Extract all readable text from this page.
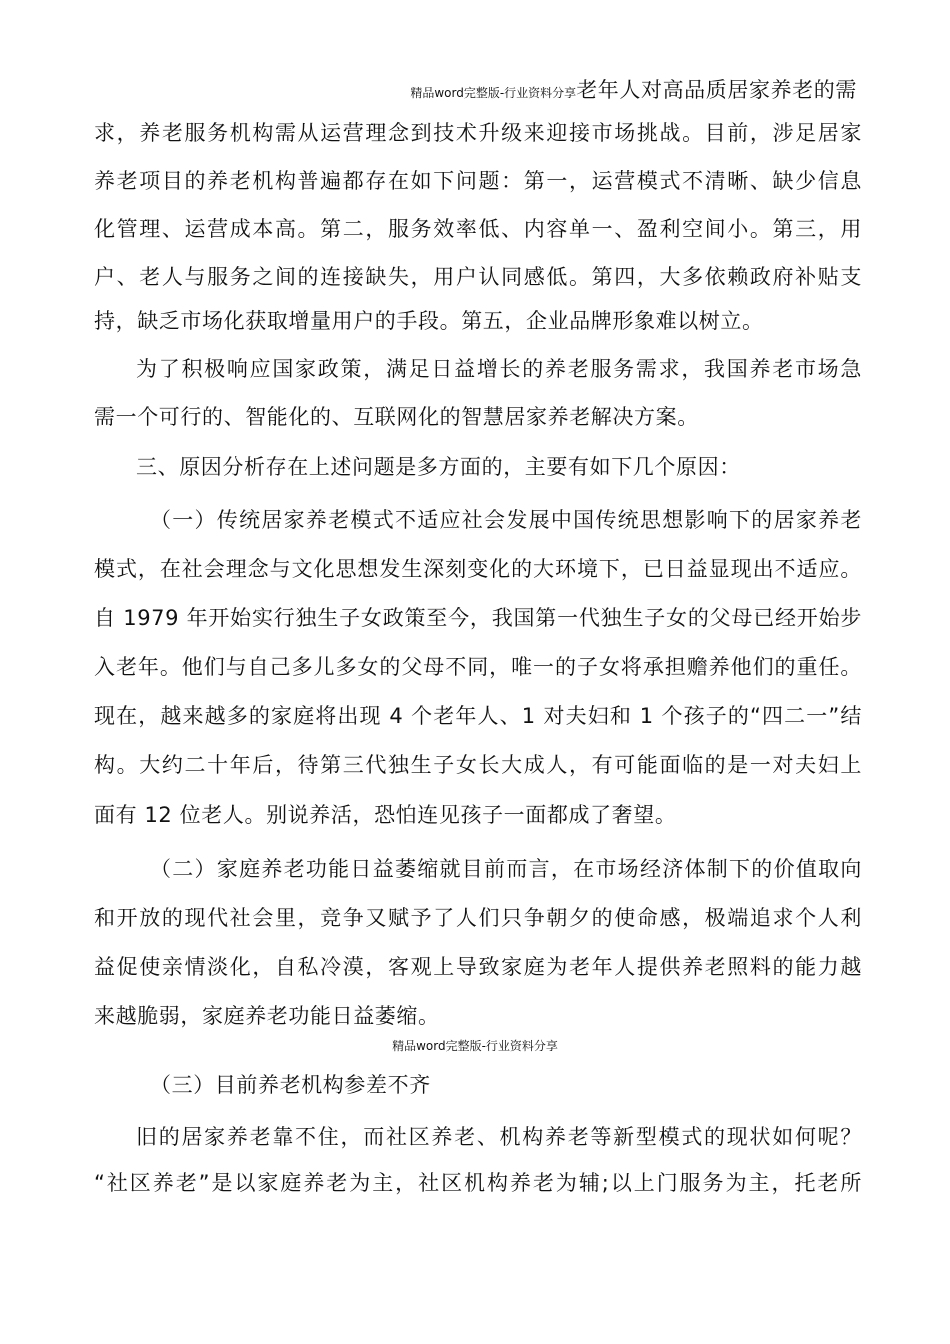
精品word完整版-行业资料分享 老年人对高品质居家养老的需
求，养老服务机构需从运营理念到技术升级来迎接市场挑战。目前，涉足居家
养老项目的养老机构普遍都存在如下问题：第一，运营模式不清晰、缺少信息
化管理、运营成本高。第二，服务效率低、内容单一、盈利空间小。第三，用
户、老人与服务之间的连接缺失，用户认同感低。第四，大多依赖政府补贴支
持，缺乏市场化获取增量用户的手段。第五，企业品牌形象难以树立。
为了积极响应国家政策，满足日益增长的养老服务需求，我国养老市场急
需一个可行的、智能化的、互联网化的智慧居家养老解决方案。
三、原因分析存在上述问题是多方面的，主要有如下几个原因：
（一）传统居家养老模式不适应社会发展中国传统思想影响下的居家养老
模式，在社会理念与文化思想发生深刻变化的大环境下，已日益显现出不适应。
自 1979 年开始实行独生子女政策至今，我国第一代独生子女的父母已经开始步
入老年。他们与自己多儿多女的父母不同，唯一的子女将承担赡养他们的重任。
现在，越来越多的家庭将出现 4 个老年人、1 对夫妇和 1 个孩子的“四二一”结
构。大约二十年后，待第三代独生子女长大成人，有可能面临的是一对夫妇上
面有 12 位老人。别说养活，恐怕连见孩子一面都成了奢望。
（二）家庭养老功能日益萎缩就目前而言，在市场经济体制下的价值取向
和开放的现代社会里，竞争又赋予了人们只争朝夕的使命感，极端追求个人利
益促使亲情淡化，自私冷漠，客观上导致家庭为老年人提供养老照料的能力越
来越脆弱，家庭养老功能日益萎缩。
精品word完整版-行业资料分享
（三）目前养老机构参差不齐
旧的居家养老靠不住，而社区养老、机构养老等新型模式的现状如何呢？
“社区养老”是以家庭养老为主，社区机构养老为辅;以上门服务为主，托老所
